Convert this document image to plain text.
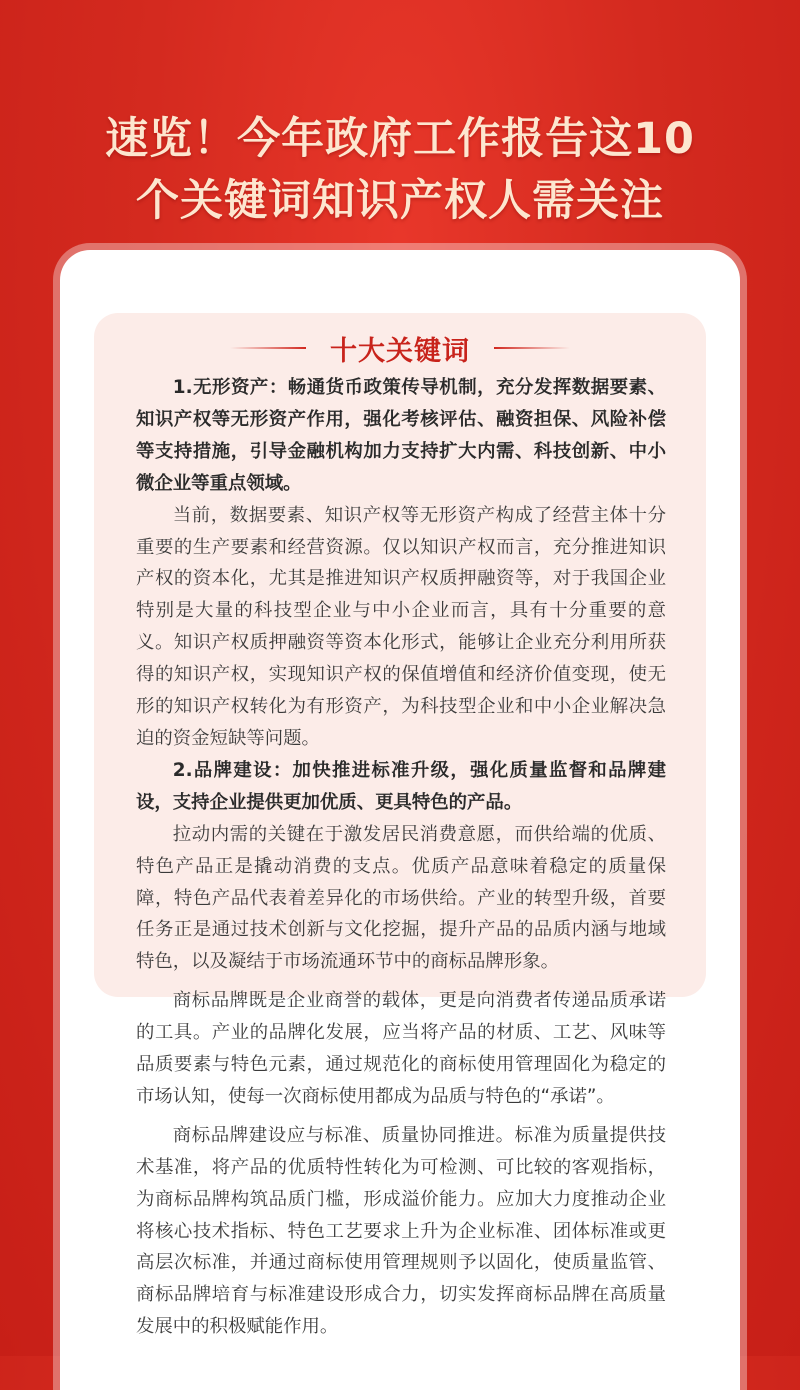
速览！今年政府工作报告这10
个关键词知识产权人需关注
十大关键词

1.无形资产：畅通货币政策传导机制，充分发挥数据要素、知识产权等无形资产作用，强化考核评估、融资担保、风险补偿等支持措施，引导金融机构加力支持扩大内需、科技创新、中小微企业等重点领域。

当前，数据要素、知识产权等无形资产构成了经营主体十分重要的生产要素和经营资源。仅以知识产权而言，充分推进知识产权的资本化，尤其是推进知识产权质押融资等，对于我国企业特别是大量的科技型企业与中小企业而言，具有十分重要的意义。知识产权质押融资等资本化形式，能够让企业充分利用所获得的知识产权，实现知识产权的保值增值和经济价值变现，使无形的知识产权转化为有形资产，为科技型企业和中小企业解决急迫的资金短缺等问题。

2.品牌建设：加快推进标准升级，强化质量监督和品牌建设，支持企业提供更加优质、更具特色的产品。

拉动内需的关键在于激发居民消费意愿，而供给端的优质、特色产品正是撬动消费的支点。优质产品意味着稳定的质量保障，特色产品代表着差异化的市场供给。产业的转型升级，首要任务正是通过技术创新与文化挖掘，提升产品的品质内涵与地域特色，以及凝结于市场流通环节中的商标品牌形象。

商标品牌既是企业商誉的载体，更是向消费者传递品质承诺的工具。产业的品牌化发展，应当将产品的材质、工艺、风味等品质要素与特色元素，通过规范化的商标使用管理固化为稳定的市场认知，使每一次商标使用都成为品质与特色的“承诺”。

商标品牌建设应与标准、质量协同推进。标准为质量提供技术基准，将产品的优质特性转化为可检测、可比较的客观指标，为商标品牌构筑品质门槛，形成溢价能力。应加大力度推动企业将核心技术指标、特色工艺要求上升为企业标准、团体标准或更高层次标准，并通过商标使用管理规则予以固化，使质量监管、商标品牌培育与标准建设形成合力，切实发挥商标品牌在高质量发展中的积极赋能作用。
